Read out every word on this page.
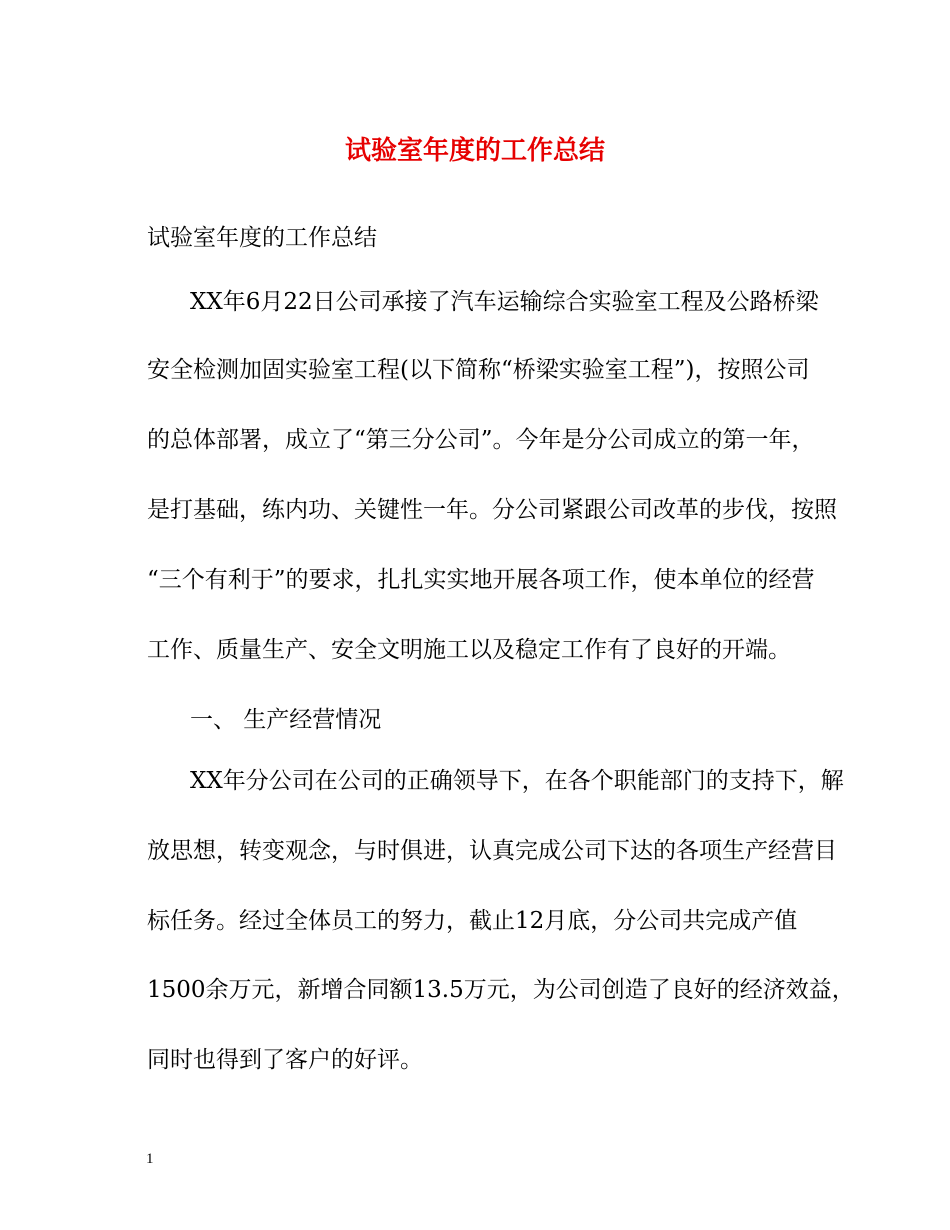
试验室年度的工作总结
试验室年度的工作总结
XX年6月22日公司承接了汽车运输综合实验室工程及公路桥梁
安全检测加固实验室工程(以下简称“桥梁实验室工程”)，按照公司
的总体部署，成立了“第三分公司”。今年是分公司成立的第一年，
是打基础，练内功、关键性一年。分公司紧跟公司改革的步伐，按照
“三个有利于”的要求，扎扎实实地开展各项工作，使本单位的经营
工作、质量生产、安全文明施工以及稳定工作有了良好的开端。
一、 生产经营情况
XX年分公司在公司的正确领导下，在各个职能部门的支持下，解
放思想，转变观念，与时俱进，认真完成公司下达的各项生产经营目
标任务。经过全体员工的努力，截止12月底，分公司共完成产值
1500余万元，新增合同额13.5万元，为公司创造了良好的经济效益，
同时也得到了客户的好评。
1
